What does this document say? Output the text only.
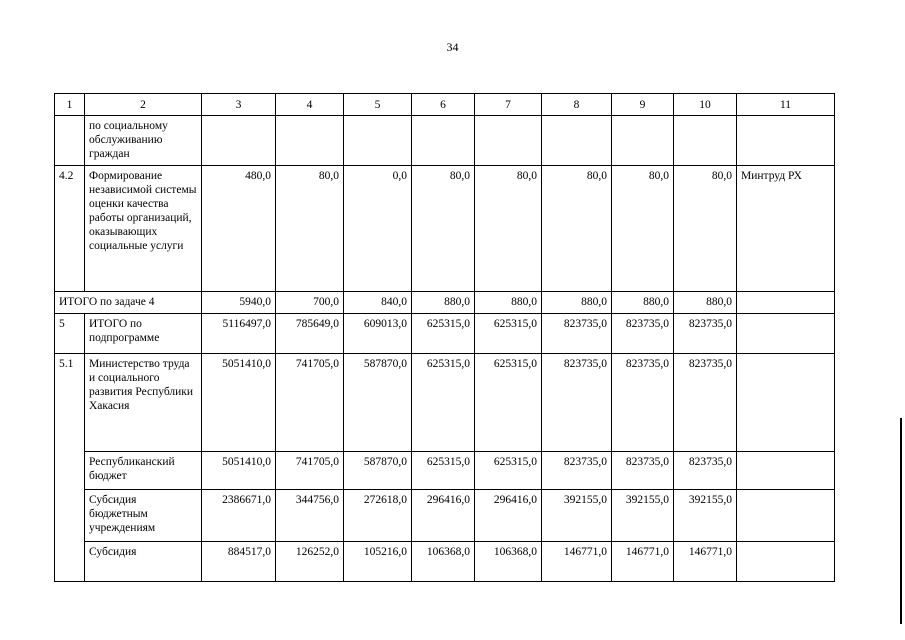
34
1	2	3	4	5	6	7	8	9	10	11
	по социальному обслуживанию граждан									
4.2	Формирование независимой системы оценки качества работы организаций, оказывающих социальные услуги	480,0	80,0	0,0	80,0	80,0	80,0	80,0	80,0	Минтруд РХ
ИТОГО по задаче 4		5940,0	700,0	840,0	880,0	880,0	880,0	880,0	880,0	
5	ИТОГО по подпрограмме	5116497,0	785649,0	609013,0	625315,0	625315,0	823735,0	823735,0	823735,0	
5.1	Министерство труда и социального развития Республики Хакасия	5051410,0	741705,0	587870,0	625315,0	625315,0	823735,0	823735,0	823735,0	
	Республиканский бюджет	5051410,0	741705,0	587870,0	625315,0	625315,0	823735,0	823735,0	823735,0	
	Субсидия бюджетным учреждениям	2386671,0	344756,0	272618,0	296416,0	296416,0	392155,0	392155,0	392155,0	
	Субсидия	884517,0	126252,0	105216,0	106368,0	106368,0	146771,0	146771,0	146771,0	
